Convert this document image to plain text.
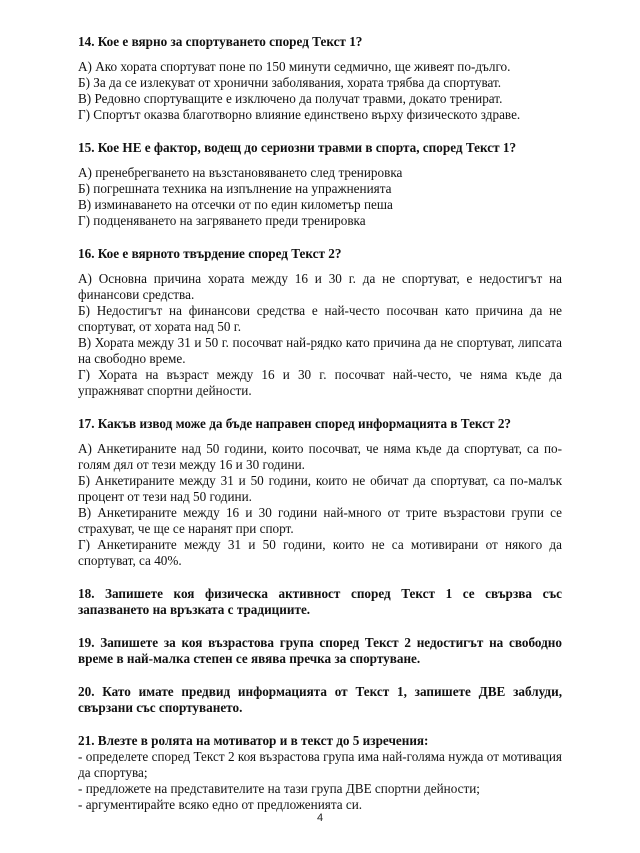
14. Кое е вярно за спортуването според Текст 1?
А) Ако хората спортуват поне по 150 минути седмично, ще живеят по-дълго.
Б) За да се излекуват от хронични заболявания, хората трябва да спортуват.
В) Редовно спортуващите е изключено да получат травми, докато тренират.
Г) Спортът оказва благотворно влияние единствено върху физическото здраве.
15. Кое НЕ е фактор, водещ до сериозни травми в спорта, според Текст 1?
А) пренебрегването на възстановяването след тренировка
Б) погрешната техника на изпълнение на упражненията
В) изминаването на отсечки от по един километър пеша
Г) подценяването на загряването преди тренировка
16. Кое е вярното твърдение според Текст 2?
А) Основна причина хората между 16 и 30 г. да не спортуват, е недостигът на финансови средства.
Б) Недостигът на финансови средства е най-често посочван като причина да не спортуват, от хората над 50 г.
В) Хората между 31 и 50 г. посочват най-рядко като причина да не спортуват, липсата на свободно време.
Г) Хората на възраст между 16 и 30 г. посочват най-често, че няма къде да упражняват спортни дейности.
17. Какъв извод може да бъде направен според информацията в Текст 2?
А) Анкетираните над 50 години, които посочват, че няма къде да спортуват, са по-голям дял от тези между 16 и 30 години.
Б) Анкетираните между 31 и 50 години, които не обичат да спортуват, са по-малък процент от тези над 50 години.
В) Анкетираните между 16 и 30 години най-много от трите възрастови групи се страхуват, че ще се наранят при спорт.
Г) Анкетираните между 31 и 50 години, които не са мотивирани от някого да спортуват, са 40%.
18. Запишете коя физическа активност според Текст 1 се свързва със запазването на връзката с традициите.
19. Запишете за коя възрастова група според Текст 2 недостигът на свободно време в най-малка степен се явява пречка за спортуване.
20. Като имате предвид информацията от Текст 1, запишете ДВЕ заблуди, свързани със спортуването.
21. Влезте в ролята на мотиватор и в текст до 5 изречения:
- определете според Текст 2 коя възрастова група има най-голяма нужда от мотивация да спортува;
- предложете на представителите на тази група ДВЕ спортни дейности;
- аргументирайте всяко едно от предложенията си.
4
